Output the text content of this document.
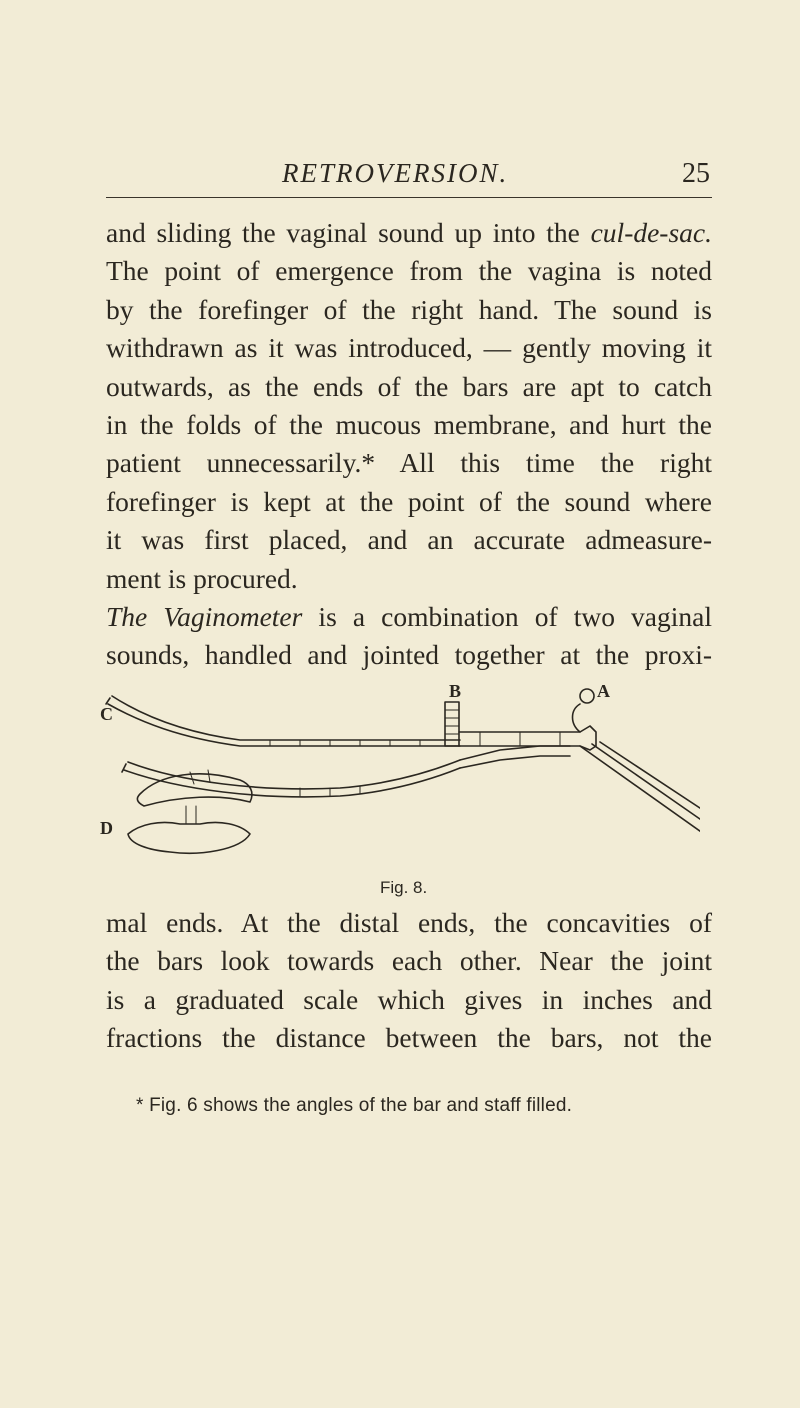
RETROVERSION.	25
and sliding the vaginal sound up into the cul-de-sac.
The point of emergence from the vagina is noted
by the forefinger of the right hand. The sound is
withdrawn as it was introduced, — gently moving it
outwards, as the ends of the bars are apt to catch
in the folds of the mucous membrane, and hurt the
patient unnecessarily.* All this time the right
forefinger is kept at the point of the sound where
it was first placed, and an accurate admeasure-
ment is procured.
The Vaginometer is a combination of two vaginal
sounds, handled and jointed together at the proxi-
C
B	A
D
Fig. 8.
mal ends. At the distal ends, the concavities of
the bars look towards each other. Near the joint
is a graduated scale which gives in inches and
fractions the distance between the bars, not the
* Fig. 6 shows the angles of the bar and staff filled.
